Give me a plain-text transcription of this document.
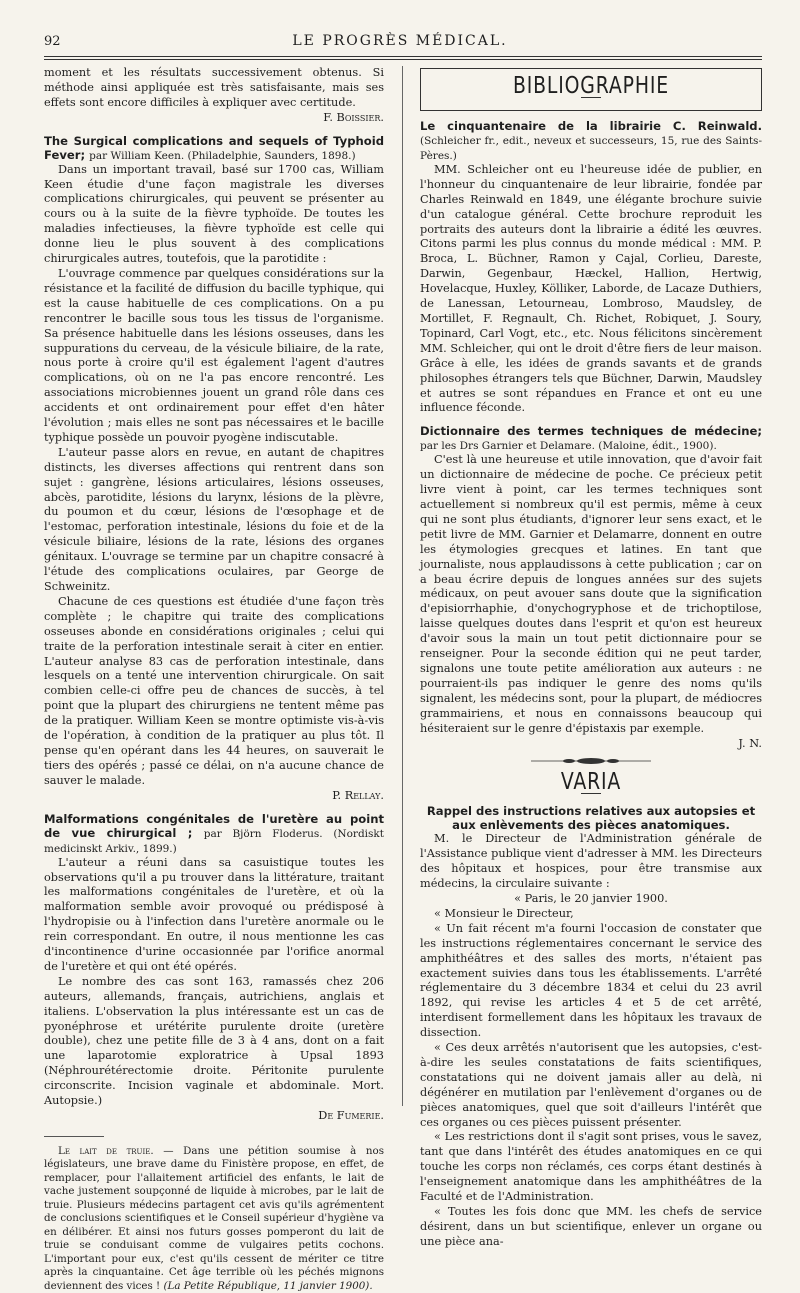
92	LE PROGRÈS MÉDICAL.

moment et les résultats successivement obtenus. Si méthode ainsi appliquée est très satisfaisante, mais ses effets sont encore difficiles à expliquer avec certitude.

F. Boissier.

The Surgical complications and sequels of Typhoid Fever; par William Keen. (Philadelphie, Saunders, 1898.)

Dans un important travail, basé sur 1700 cas, William Keen étudie d'une façon magistrale les diverses complications chirurgicales, qui peuvent se présenter au cours ou à la suite de la fièvre typhoïde. De toutes les maladies infectieuses, la fièvre typhoïde est celle qui donne lieu le plus souvent à des complications chirurgicales autres, toutefois, que la parotidite :

L'ouvrage commence par quelques considérations sur la résistance et la facilité de diffusion du bacille typhique, qui est la cause habituelle de ces complications. On a pu rencontrer le bacille sous tous les tissus de l'organisme. Sa présence habituelle dans les lésions osseuses, dans les suppurations du cerveau, de la vésicule biliaire, de la rate, nous porte à croire qu'il est également l'agent d'autres complications, où on ne l'a pas encore rencontré. Les associations microbiennes jouent un grand rôle dans ces accidents et ont ordinairement pour effet d'en hâter l'évolution ; mais elles ne sont pas nécessaires et le bacille typhique possède un pouvoir pyogène indiscutable.

L'auteur passe alors en revue, en autant de chapitres distincts, les diverses affections qui rentrent dans son sujet : gangrène, lésions articulaires, lésions osseuses, abcès, parotidite, lésions du larynx, lésions de la plèvre, du poumon et du cœur, lésions de l'œsophage et de l'estomac, perforation intestinale, lésions du foie et de la vésicule biliaire, lésions de la rate, lésions des organes génitaux. L'ouvrage se termine par un chapitre consacré à l'étude des complications oculaires, par George de Schweinitz.

Chacune de ces questions est étudiée d'une façon très complète ; le chapitre qui traite des complications osseuses abonde en considérations originales ; celui qui traite de la perforation intestinale serait à citer en entier. L'auteur analyse 83 cas de perforation intestinale, dans lesquels on a tenté une intervention chirurgicale. On sait combien celle-ci offre peu de chances de succès, à tel point que la plupart des chirurgiens ne tentent même pas de la pratiquer. William Keen se montre optimiste vis-à-vis de l'opération, à condition de la pratiquer au plus tôt. Il pense qu'en opérant dans les 44 heures, on sauverait le tiers des opérés ; passé ce délai, on n'a aucune chance de sauver le malade.

P. Rellay.

Malformations congénitales de l'uretère au point de vue chirurgical ; par Björn Floderus. (Nordiskt medicinskt Arkiv., 1899.)

L'auteur a réuni dans sa casuistique toutes les observations qu'il a pu trouver dans la littérature, traitant les malformations congénitales de l'uretère, et où la malformation semble avoir provoqué ou prédisposé à l'hydropisie ou à l'infection dans l'uretère anormale ou le rein correspondant. En outre, il nous mentionne les cas d'incontinence d'urine occasionnée par l'orifice anormal de l'uretère et qui ont été opérés.

Le nombre des cas sont 163, ramassés chez 206 auteurs, allemands, français, autrichiens, anglais et italiens. L'observation la plus intéressante est un cas de pyonéphrose et urétérite purulente droite (uretère double), chez une petite fille de 3 à 4 ans, dont on a fait une laparotomie exploratrice à Upsal 1893 (Néphrourétérectomie droite. Péritonite purulente circonscrite. Incision vaginale et abdominale. Mort. Autopsie.)

De Fumerie.

Le lait de truie. — Dans une pétition soumise à nos législateurs, une brave dame du Finistère propose, en effet, de remplacer, pour l'allaitement artificiel des enfants, le lait de vache justement soupçonné de liquide à microbes, par le lait de truie. Plusieurs médecins partagent cet avis qu'ils agrémentent de conclusions scientifiques et le Conseil supérieur d'hygiène va en délibérer. Et ainsi nos futurs gosses pomperont du lait de truie se conduisant comme de vulgaires petits cochons. L'important pour eux, c'est qu'ils cessent de mériter ce titre après la cinquantaine. Cet âge terrible où les péchés mignons deviennent des vices ! (La Petite République, 11 janvier 1900).

BIBLIOGRAPHIE
Le cinquantenaire de la librairie C. Reinwald. (Schleicher fr., edit., neveux et successeurs, 15, rue des Saints-Pères.)

MM. Schleicher ont eu l'heureuse idée de publier, en l'honneur du cinquantenaire de leur librairie, fondée par Charles Reinwald en 1849, une élégante brochure suivie d'un catalogue général. Cette brochure reproduit les portraits des auteurs dont la librairie a édité les œuvres. Citons parmi les plus connus du monde médical : MM. P. Broca, L. Büchner, Ramon y Cajal, Corlieu, Dareste, Darwin, Gegenbaur, Hæckel, Hallion, Hertwig, Hovelacque, Huxley, Kölliker, Laborde, de Lacaze Duthiers, de Lanessan, Letourneau, Lombroso, Maudsley, de Mortillet, F. Regnault, Ch. Richet, Robiquet, J. Soury, Topinard, Carl Vogt, etc., etc. Nous félicitons sincèrement MM. Schleicher, qui ont le droit d'être fiers de leur maison. Grâce à elle, les idées de grands savants et de grands philosophes étrangers tels que Büchner, Darwin, Maudsley et autres se sont répandues en France et ont eu une influence féconde.

Dictionnaire des termes techniques de médecine; par les Drs Garnier et Delamare. (Maloine, édit., 1900).

C'est là une heureuse et utile innovation, que d'avoir fait un dictionnaire de médecine de poche. Ce précieux petit livre vient à point, car les termes techniques sont actuellement si nombreux qu'il est permis, même à ceux qui ne sont plus étudiants, d'ignorer leur sens exact, et le petit livre de MM. Garnier et Delamarre, donnent en outre les étymologies grecques et latines. En tant que journaliste, nous applaudissons à cette publication ; car on a beau écrire depuis de longues années sur des sujets médicaux, on peut avouer sans doute que la signification d'episiorrhaphie, d'onychogryphose et de trichoptilose, laisse quelques doutes dans l'esprit et qu'on est heureux d'avoir sous la main un tout petit dictionnaire pour se renseigner. Pour la seconde édition qui ne peut tarder, signalons une toute petite amélioration aux auteurs : ne pourraient-ils pas indiquer le genre des noms qu'ils signalent, les médecins sont, pour la plupart, de médiocres grammairiens, et nous en connaissons beaucoup qui hésiteraient sur le genre d'épistaxis par exemple.

J. N.

VARIA
Rappel des instructions relatives aux autopsies et aux enlèvements des pièces anatomiques.

M. le Directeur de l'Administration générale de l'Assistance publique vient d'adresser à MM. les Directeurs des hôpitaux et hospices, pour être transmise aux médecins, la circulaire suivante :

« Paris, le 20 janvier 1900.

« Monsieur le Directeur,

« Un fait récent m'a fourni l'occasion de constater que les instructions réglementaires concernant le service des amphithéâtres et des salles des morts, n'étaient pas exactement suivies dans tous les établissements. L'arrêté réglementaire du 3 décembre 1834 et celui du 23 avril 1892, qui revise les articles 4 et 5 de cet arrêté, interdisent formellement dans les hôpitaux les travaux de dissection.

« Ces deux arrêtés n'autorisent que les autopsies, c'est-à-dire les seules constatations de faits scientifiques, constatations qui ne doivent jamais aller au delà, ni dégénérer en mutilation par l'enlèvement d'organes ou de pièces anatomiques, quel que soit d'ailleurs l'intérêt que ces organes ou ces pièces puissent présenter.

« Les restrictions dont il s'agit sont prises, vous le savez, tant que dans l'intérêt des études anatomiques en ce qui touche les corps non réclamés, ces corps étant destinés à l'enseignement anatomique dans les amphithéâtres de la Faculté et de l'Administration.

« Toutes les fois donc que MM. les chefs de service désirent, dans un but scientifique, enlever un organe ou une pièce ana-
